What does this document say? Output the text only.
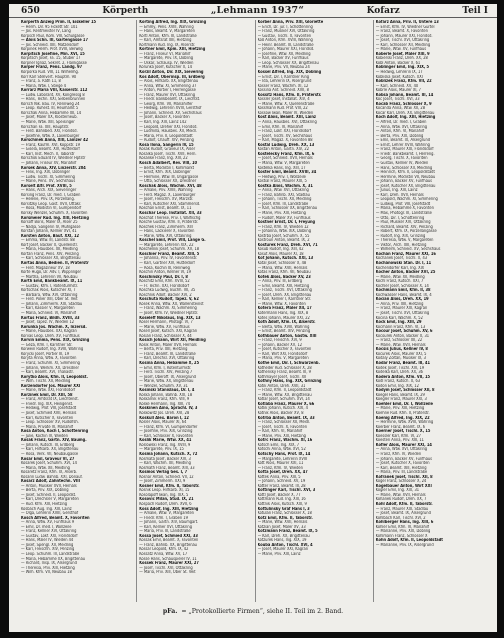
650	Körperth	„Lehmann 1937“	Kofarz	Teil I
Körperth Anzeig Prim. II, Eiskeller 15
— Herm. Dir. 95 Fickett Str. 101
— Jos. Rentmeister IV, Lang
Körpsch Paul, Kom. VIII, Schulgasse
— Alois Schn. III, Gartengasse 17
— Jos. Schneid. XIII, Matzelsdorf
Korpinek Herm. Prof. XVIII, Berwilg
Korpitsch Josefine, Min. XVI, 15
Korpitsch Josef, Fa. 15, Stuber 17
Korpner Ignaz, Sekret. 2, Flankgasse
Körper Franz, Pens. Landg. 97
Korporka Rud. VIII, 11 Wilhelmg.
Korr Karl Stellvert. Hauptm. 90
— Franz, a. Rath 11, 8
— Maria, Wtw. I, Stiege 4
Korrarz Maria VIII, Kaiserstr. 112
— Ludw. Laborant, XV, Kongressg 8
— Hans, Techn. XXI, Siebenbrunnen
Korsch Nik. Bau. IV, Rennweg 24
— Leop. Ruhest. III, Heumarkt 5
Korschak Anna, Hebamme XII, 14
— Josef, Maler XX, Klosterneub.
— Marie, Wtw. XIII, Speisinger
Korschan Fa. XIII, Hauptstr.
— Ferd. Bahnbed. XXI, Floridsd.
— Josefine, Wtw. X, Laxenburger
Korschinek Anna, XIII, Lainzer 42
— Franz, Kaufm. XVI, Koppstr. 19
— Gisela, Beamt. XIV, Hütteldorf
— Karl, Inst. Mech. II, Taborstr
Korschok Eduard IV, Wiedner Hptstr
— Johann, Friseur XV, Mariahilf
Korsek Anna, XIV, Linzerstr. 204
— Felix, Ing. XIX, Döblinger
— Ludw. Tischl. XI, Simmering
— Marie, Pens. XV, Sechshaus
Korselt Alfr. Prof. XVIII, 5
— Hans, Arch. XIX, Sieveringer
Korsing Franz, Dr. med. I, Graben
— Helene, Priv. IX, Porzellang.
Korsitzky Leop. Gast. XVII, Ottakr.
— Rosa, Modistin VI, Gumpendorf
Korsky Wenzel, Schuhm. X, Favoriten
Korsmeier Rud. Ing. XIII, Hietzing
Korsoff Boris, Maler IX, Alser 25
— Nadja, Sängerin IV, Mühlgasse
Korstan Johann, Kellner XVI, 41
Korsten Anton, Bauf. XXI, 12
— Emma, Wtw. III, Landstr. 88
Kort Josef, Bäcker X, Quellenstr.
— Maria, Hausbes. XII, Meidling
Kortan Franz, Pens. XIV, Penzing
— Karl, Schlosser XX, Brigittenau
Kortas Anna, Bedien. II, Praterstr
— Ferd. Magazineur XV, 18
Korte Hugo, Dr. Adv. I, Wipplinger
— Martha, Lehrerin VII, Neubau
Korth Emil, Bankbeamt. IX, 11
— Gustav, Kfm. I, Rotenturmstr.
Kortschak Alois, Kutscher XI, 7
— Barbara, Wtw. XVI, Ottakring
— Ferd. Polier XIII, Ober St. Veit
— Johann, Zimmerm. XXI, Stadlau
— Karl, Kassier V, Margareten
— Maria, Schneid. VI, Mariahilf
Kortus Franz, Bildh. XVIII, 33
— Josef, Tapez. IV, Wieden 12
Korunka Jos. Wachm. X, Inzersd.
— Marie, Hausbes. XXI, Kagran
Korvas Leop. Dreh. XV, Fünfhaus
Korvin Emma, Pens. XIX, Grinzing
— Géza, Kfm. I, Kärntner Str.
Korwein Rudolf, Ing. XVIII, Währing
Korycki Josef, Portier III, 19
Koryta Anna, Wtw. X, Favoriten
— Franz, Schuhm. XI, Simmering
— Johann, Werkm. XX, Dresdner
— Karl, Beamt. XVI, Thaliastr.
Korytko Alois, Kfm. II, Leopoldst.
— Wilh. Tischl. XII, Meidling
Korzendorfer Jos. Maurer XXI
— Marie, Wtw. XXI, Floridsdorf
Korzinek Emil, Dr. XIII, 58
— Franz, Amtsrat IX, Liechtenst.
— Friedr. Ing. XIX, Heiligenst.
— Hedwig, Prof. VIII, Josefstadt
— Josef, Schmied XVII, Hernals
— Karl, Kutscher X, Favoriten
— Leop. Schlosser XV, Rudolfsh.
— Maria, Private VI, Mariahilf
Kosa Anton, Koch I, Schottenring
— Julie, Köchin IV, Wieden
Kosak Franz, Gärtn. XIV, Baumg.
— Johann, Kutsch. III, Erdberg
— Karl, Hilfsarb. XX, Brigittenau
— Rosa, Verk. VII, Neubaugasse
Kosar Emil, Graveur VI, 27
Kosarek Josef, Schuhm. XVI, 14
— Maria, Wtw. XII, Meidling
Kosaretz Franz, Kfm. IX, Alserb.
Kosarin Ludw. Bahnb. XXI, Donauf.
Kosarz Adolf, Zahntechn. VIII
— Anton, Musiker XVII, Hernals
— Berta, Priv. XIX, Döbling
— Josef, Schneid. II, Leopoldst.
— Karl, Drechsler V, Margareten
— Rud. Kfm. XIII, Hietzing
Kosbach Aug. Ing. XIII, Lainz
— Olga, Lehrerin XVIII, Gersthof
Kosch Alfred, Beamt. X, Favoriten
— Anna, Wtw. XV, Fünfhaus 9
— Emil, Dr. med. I, Wollzeile
— Franz, Kellner XVI, Ottakring
— Gustav, Lokf. XXI, Floridsdorf
— Hans, Maler IV, Wieden 44
— Josef, Spengl. XII, Meidling
— Karl, Fleischh. XIV, Penzing
— Leop. Schuhm. III, Landstraße
— Maria, Hebamme XX, Brigittenau
— Richard, Insp. IX, Alsergrund
— Theresia, Priv. XIII, Hietzing
— Wilh. Kfm. VII, Neubau 18
Körting Alfred, Ing. XIX, Grinzing
— Emmy, Pens. XVIII, Währing
— Hans, Beamt. V, Margareten
Körtl Anton, Kfm. III, Landstraße
— Karl, Amtsrat XIII, Hietzing
Kortmann Rud. Ing. IX, Alserstr.
Kortner Emil, Kpm. XIII, Hietzing
— Franz, Friseur VI, Mariahilf
— Margarete, Priv. IX, Döbling
— Oskar, Schausp. IV, Wieden
Korunka Josef, Kutscher X, 14
Korzil Anton, Dir. XIX, Sievering
Kos Adolf, Oberinsp. III, Erdberg
— Alois, Hilfsarb. XX, Brigittenau
— Anna, Wtw. XI, Simmering 37
— Anton, Portier I, Herrengasse
— Franz, Maurer XVI, Ottakring
— Friedr. Bankbeamt. IX, Liechtst.
— Georg, Kfm. VII, Mariahilfer
— Hedwig, Lehrerin XVIII, Gersthof
— Johann, Schneid. XV, Sechshaus
— Josef, Bäcker X, Favoriten
— Karl, Ing. XIII, Lainz 142
— Leopold, Dreher XXI, Floridsd.
— Ludmilla, Hausbes. XII, Meidl.
— Maria, Priv. II, Leopoldstadt
— Rudolf, Chauff. XIV, Penzing
Kosa Ilona, Sängerin IV, 15
Kosak Rudolf, Graveur IX, Alser
Kosalka Josef, Tischl. XVII, Hern.
Kosanke Franz, Ing. XIII, 22
Kosch Adalbert, Rev. VIII, 10
— Berta, Modistin I, Kohlmarkt
— Ernst, Kfm. XIX, Döblinger
— Hermine, Wtw. III, Ungargasse
— Otto, Schlosser XX, Dresdner
Koschak Alois, Wachm. XVI, 48
— Amalie, Priv. XVIII, Währing
— Ferd. Magaz. X, Laxenburger
— Josef, Fleischh. XV, Märzstr.
— Karl, Kutscher XXI, Stammersd.
Koschan Ernst, Beamt. IX, 11
Koschar Leop. Installat. XII, 33
Koschat Therese, Priv. I, Walfischg
Kosche Gustav, Kfm. II, Praterstr.
Koschek Franz, Zimmerm. XIII
— Hans, Lackierer X, Favoriten
— Marie, Wtw. XVI, Ottakring
Koschel Emil, Prof. VIII, Lange G.
— Margarete, Lehrerin XIX, 22
Koschelnik Josef, Schuhm. XV, 18
Koschier Franz, Beamt. XIII, 5
— Johanna, Priv. IV, Favoritenstr.
— Karl, Gärtner XIV, Hütteldorf
— Rosa, Köchin III, Rennweg
Koschin Anton, Kellner VI, 19
Koschinsky Paul, Dr. I, 8
Koschitz Emil, Kfm. XVIII, 52
— Fr. Techn. XXI, Floridsdorf
Koschka Ludwig, Buchh. VII, 35
Koschnik Adolf, Bäcker XVI, 2
Koschuta Rudolf, Tapez. V, 62
Kosek Anna, Wtw. XX, Wallensteinst
— Franz, Wachm. XI, Simmering
— Josef, Kfm. IV, Wiedner Hptstr.
Koseleff Nikolaus, Ing. XIX, 13
Kosel Hermann, Photogr. VI, 7
— Marie, Wtw. XV, Fünfhaus
Kosell Josef, Kutsch. XXI, Kagran
Kosian Franz, Schlosser X, 44
Kosich Johann, Wirt XII, Meidling
Kosik Anton, Maler XVII, Hernals
— Berta, Priv. XIII, Hietzing
— Franz, Beamt. III, Landstraße
— Karl, Drechsl. XVI, Ottakring
Kosina Anna, Hebamme X, 25
— Emil, Kfm. I, Rotenturmstr.
— Ferd. Tischl. XIV, Penzing 7
— Josef, Oberoff. IX, Alsergrund
— Marie, Wtw. XX, Brigittenau
— Wenzel, Schuhm. XV, 31
Kosinski Stanislaus, Dr. I, 4
Koska Johann, Bahnb. XXI, 18
Koskarnik Franz, Kfm. VIII, 9
Koske Hermann, Ing. XIII, 74
Koskinen Aino, Sprachl. IV, 3
Koskowitz Jos. Dreh. XVI, 28
Koskull Alex. Baron I, 12
Kosler Alois, Maurer XI, 64
— Franz, Kfm. VI, Gumpendorfer
— Josefine, Priv. XIX, Grinzing
— Karl, Schlosser X, Favoriten
Koslik Marie, Wtw. XX, 41
Koslowski Franz, Ing. XVIII, 9
— Margarete, Priv. IX, 15
Kosma Johann, Kutsch. X, 72
Kosmata Josef, Bäcker XVI, 3
— Karl, Wachm. XII, Meidling
Kosmath Franz, Beamt. XIII, 33
Kosmos Verlag Ges. I, 7
Kosnar Anton, Schneid. VII, 12
— Josef, Zimmerm. XXI, 9
Kosner Emil, Kfm. II, Taborstr.
Kosnik Leop. Hilfsarb. XI, 15
Kosolapoff Iwan, Ing. XIX, 5
Kosovic Milan, Stud. IX, 21
Kospach Rudolf, Dreh. XVII, 6
Koss Adolf, Ing. XIII, Hietzing
— Amalie, Wtw. V, Margareten
— Friedr. Kfm. I, Graben 19
— Johann, Gärtn. XIV, Baumgart.
— Karl, Kellner XVI, Ottakring
— Maria, Priv. III, Landstraße
Kossa Josef, Schmied XXI, 33
Kossak Emil, Beamt. X, Favoriten
— Franz, Bahnb. XX, Brigittenau
Kossar Leopold, Kfm. IX, 42
Kossatz Anna, Wtw. XV, 17
Kosse Hans, Schauspieler IV, 11
Kossek Franz, Maurer XXI, 27
— Josef, Tischl. XVI, Ottakring
— Maria, Priv. XIII, Ober St. Veit
Korber Anna, Priv. XIII, Gloriette
— Erich, Dr. jur. I, Schottenring
— Franz, Musiker XVI, Ottakring
— Gustav, Tischl. X, Favoriten
Koß Anton, Kfm. XVIII, Währing
— Heinr. Beamt. III, Landstraße
— Johann, Maurer XXI, Floridsd.
— Josefine, Wtw. XII, Meidling
— Karl, Bäcker XV, Fünfhaus
— Leop. Schlosser XX, Brigittenau
— Marie, Priv. VII, Neubau 24
Kossel Alfred, Ing. XIX, Döbling
— Ernst, Dir. I, Kärntner Ring
— Ida, Lehrerin IX, Alsergrund
Kosser Franz, Wachm. XI, 12
Kossina Ant. Schneid. XVII, 8
Kossitz Hans, Kfm. II, Praterstr.
Kossler Josef, Installat. XIV, 4
— Marie, Wtw. X, Quellenstraße
Kossmann Rud. Prof. VIII, 22
Kossow Iwan, Maler IV, Wieden
Kost Alois, Beamt. XIII, Lainz
— Anna, Hausbes. XVI, Ottakring
— Emil, Kfm. VI, Mariahilf
— Franz, Lokf. XXI, Floridsdorf
— Josef, Tischl. XV, Sechshaus
— Karl, Magaz. X, Favoriten 88
Kostal Ludwig, Dreh. XX, 13
Kostan Anton, Gärtn. XIV, 22
Kostelecky Franz, Kfm. IX, 6
— Josef, Schneid. XVII, Hernals
— Maria, Wtw. V, Margareten
Kostelka Hans, Ing. XIII, 17
Koster Emil, Beamt. XVIII, 34
— Hedwig, Priv. I, Wollzeile
Kostial Franz, Maurer XXI, 5
Kostka Alois, Wachm. X, 31
— Anna, Wtw. XVI, Ottakring
— Franz, Bahnb. XXI, Stadlau
— Johann, Tischl. XII, Meidling
— Josef, Kfm. III, Landstraße
— Karl, Schlosser XX, Brigittenau
— Marie, Priv. XIII, Hietzing
— Rudolf, Maler XV, Fünfhaus
Kostner Ernst, Dr. I, Freyung
— Franz, Kfm. IV, Wieden 12
— Johanna, Wtw. XIX, Döbling
Kostrba Josef, Schuhm. X, 55
Kostroun Anton, Beamt. IX, 2
Kosturek Franz, Dreh. XVI, 71
Kosub Rudolf, Ing. XIII, 42
Kosut Alois, Maurer XI, 18
Kot Johann, Kutsch. XXI, 13
Kotal Josef, Schlosser X, 48
— Maria, Wtw. XVII, Hernals
Kotas Franz, Kfm. VII, Neubau
Kotek Alois, Bäcker XV, 23
— Anna, Priv. III, Erdberg
— Emil, Beamt. XIII, Hietzing
— Franz, Tischl. XVI, Ottakring
— Josef, Dreh. XX, Brigittenau
— Karl, Kellner I, Kärntner Str.
— Marie, Wtw. X, Favoriten
Kotera Franz, Maler XII, 17
Kotermann Hans, Ing. XIX, 8
Kotes Johann, Maurer XXI, 22
Koth Adolf, Kfm. IX, Alserstr.
— Berta, Wtw. XVIII, Währing
— Ernst, Beamt. XIV, Penzing
Kothbauer Anton, Gastw. XIII
— Franz, Fleischh. XVI, 9
— Johann, Bäcker XV, 12
— Josef, Kutscher X, Favoriten
— Karl, Wirt XXI, Floridsdorf
— Maria, Priv. V, Margareten
Kothe Emil, Dir. I, Schwarzenb.
Kotheder Rud. Schlosser X, 28
Kothensky Franz, Beamt. III, 9
Kothmayer Josef, Tischl. XII
Kothny Hans, Ing. XIX, Grinzing
Kotik Anton, Dreh. XVII, 31
— Franz, Kfm. II, Leopoldstadt
— Marie, Wtw. XX, Brigittenau
Kotlar Josef, Schuhm. XVI, 14
Kotlaba Franz, Maurer X, 66
Kotlik Johann, Kutsch. XXI, 4
Kotnik Alois, Bäcker XV, 8
Kotrba Anton, Beamt. IX, 33
— Franz, Schlosser XII, Meidl.
— Josef, Tischl. X, Favoriten
— Karl, Kfm. VI, Mariahilf
— Marie, Priv. XIII, Hietzing
Kotrc Franz, Wachm. XI, 16
Kotsch Emil, Ing. XIX, 7
Kotschi Anna, Wtw. XVI, 52
Kotschy Hans, Prof. IX, 14
— Margarete, Lehrerin XVIII
Kott Alois, Maurer XXI, 11
— Franz, Kfm. IV, Wieden
Kotta Josef, Dreh. XX, 47
Kottek Anna, Priv. XIII, 5
— Johann, Schneid. XV, 19
Kotter Franz, Beamt. III, 28
Kottinger Karl, Tischl. XVI, 3
Kottl Josef, Bäcker X, 77
Kottmann Rud. Ing. XIII, 16
Kottnik Alois, Kutsch. XXI, 9
Kottulinsky Graf Hans I, 3
Kotulan Franz, Schlosser X, 18
Kotz Emil, Kfm. II, Taborstr.
— Marie, Wtw. XVII, Hernals
Kotzian Josef, Maler XV, 33
Kotzmann Franz, Beamt. IX, 5
— Karl, Dreh. XX, Brigittenau
Kotzurek Hans, Ing. XIX, 19
Kouba Anton, Tischl. XVI, 4
— Josef, Maurer XXI, Kagran
— Marie, Priv. XIII, Lainz
Kofarz Anna, Priv. II, Untere 13
— Ernst, Kfm. IV, Wiedner Gürtel
— Franz, Beamt. X, Favoriten
— Johann, Maurer XXI, Floridsd.
— Josef, Tischl. XVI, Ottakring
— Karl, Schlosser XII, Meidling
— Marie, Wtw. XV, Fünfhaus
Koberle Josef, Maler XIII, 9
Kobierski Franz, Dreh. XX, 28
Kobl Anton, Bäcker X, 61
Koblinger Emil, Ing. XIX, 5
— Hedwig, Lehrerin IX, 17
Kobliska Josef, Kutsch. XXI
Koblizek Franz, Kfm. VII, 22
— Karl, Schneid. XV, 40
Kobrle Alois, Maurer XI, 7
Kobsa Johann, Beamt. III, 14
Koc Josef, Tischl. XVI, 33
Kocab Franz, Schlosser X, 9
Kocanda Anna, Wtw. XII, 28
Kocar Karl, Dreh. XX, Brigittenau
Koch Adolf, Ing. XIII, Hietzing
— Alfred, Dr. med. I, Graben
— Anna, Wtw. XVI, Ottakring
— Anton, Kfm. VI, Mariahilf
— Berta, Priv. XIX, Döbling
— Emil, Beamt. IX, Alsergrund
— Ernst, Lehrer XVIII, Währing
— Franz, Maurer XXI, Floridsdorf
— Friedr. Bankbeamt. I, Herreng.
— Georg, Tischl. X, Favoriten
— Gustav, Kellner IV, Wieden
— Hans, Schlosser XII, Meidling
— Heinrich, Kfm. II, Leopoldstadt
— Hermine, Modistin VII, Neubau
— Johann, Bäcker XV, Fünfhaus
— Josef, Kutscher XX, Brigittenau
— Julius, Ing. XIII, Lainz
— Karl, Dreh. XVII, Hernals
— Leopold, Wachm. XI, Simmering
— Ludwig, Prof. VIII, Josefstadt
— Maria, Hebamme X, Favoriten
— Max, Photogr. III, Landstraße
— Otto, Dir. I, Schottenring
— Paul, Musiker XVI, Ottakring
— Richard, Beamt. XIV, Penzing
— Robert, Kfm. IX, Porzellangasse
— Rudolf, Ing. XIX, Grinzing
— Theresia, Wtw. V, Margareten
— Viktor, Arch. XIII, Hietzing
— Wilhelm, Schneid. XV, Sechshaus
Kochan Franz, Maurer XXI, 16
Kochanek Josef, Tischl. X, 43
Kochanowski Stan. Dr. I, 11
Kochendörfer Karl, Ing. XIX
Kocher Anton, Bäcker XVI, 25
— Marie, Wtw. XII, Meidling
Kochl Franz, Kutsch. XXI, 7
Kochler Josef, Schlosser X, 14
Kochmann Emil, Kfm. II, 38
Kochwasser Hans, Beamt. IX, 4
Kocian Alois, Dreh. XX, 19
— Anna, Priv. XIII, Hietzing
— Franz, Maurer XXI, Kagran
— Josef, Tischl. XVI, Ottakring
Kocina Karl, Wachm. X, 52
Kock Emil, Ing. XIII, 29
Kocmann Franz, Kfm. VI, 13
Kocour Josef, Schuhm. XV, 6
Kocourek Anton, Bäcker X, 31
— Franz, Schlosser XII, 22
— Marie, Wtw. XVII, Hernals
Kocsis Julius, Kellner IV, 8
Kocurek Alois, Maurer XXI, 5
Kodaly Zoltán, Musiker IX, 3
Kodar Franz, Beamt. III, 41
Kodek Josef, Tischl. XVI, 19
Kodelka Karl, Dreh. XX, 36
Kodera Anton, Kfm. VII, 15
Kodl Franz, Kutsch. X, 63
Kodon Emil, Ing. XIX, 12
Kodym Josef, Schlosser XII, 8
Koegel Hans, Beamt. IX, 29
Koegler Franz, Maurer XXI, 3
Koehler Emil, Dr. I, Wollzeile
— Marie, Priv. XIII, Hietzing
Koehne Rud. Kfm. II, Praterstr.
Koenig Alfred, Ing. XIX, 22
— Hermine, Wtw. XVIII, Währing
Koerber Franz, Beamt. IX, 6
Koerner Josef, Tischl. X, 15
Koessler Karl, Kfm. VI, 27
Koesten Anna, Priv. XIII, 11
Kofler Alois, Maurer XXI, 14
— Anna, Wtw. XVI, Ottakring
— Franz, Kfm. IV, Wieden
— Johann, Bäcker XV, Fünfhaus
— Josef, Kutscher X, Favoriten
— Karl, Beamt. XIII, Hietzing
— Maria, Priv. III, Landstraße
Kofranek Josef, Tischl. XII, 8
Kogel Franz, Schlosser X, 24
Kogelbauer Anton, Wirt XXI
Kogler Emil, Ing. XIX, 31
— Marie, Wtw. XVII, Hernals
Kohanek Rudolf, Dreh. XX, 7
Kohl Adolf, Kfm. II, Taborstr.
— Franz, Maurer XXI, Stadlau
— Josef, Beamt. IX, Alsergrund
Kohlbach Karl, Tischl. XVI, 2
Kohlberger Hans, Ing. XIII, 6
Kohler Emil, Kfm. VI, Mariahilf
— Marianne, Priv. XIX, Döbling
Kohlmann Franz, Schlosser X
Kohn Adolf, Kfm. II, Leopoldstadt
— Marianne, Priv. IX, Alsergrund
pFa. = „Protokollierte Firmen“, siehe II. Teil im 2. Band.
